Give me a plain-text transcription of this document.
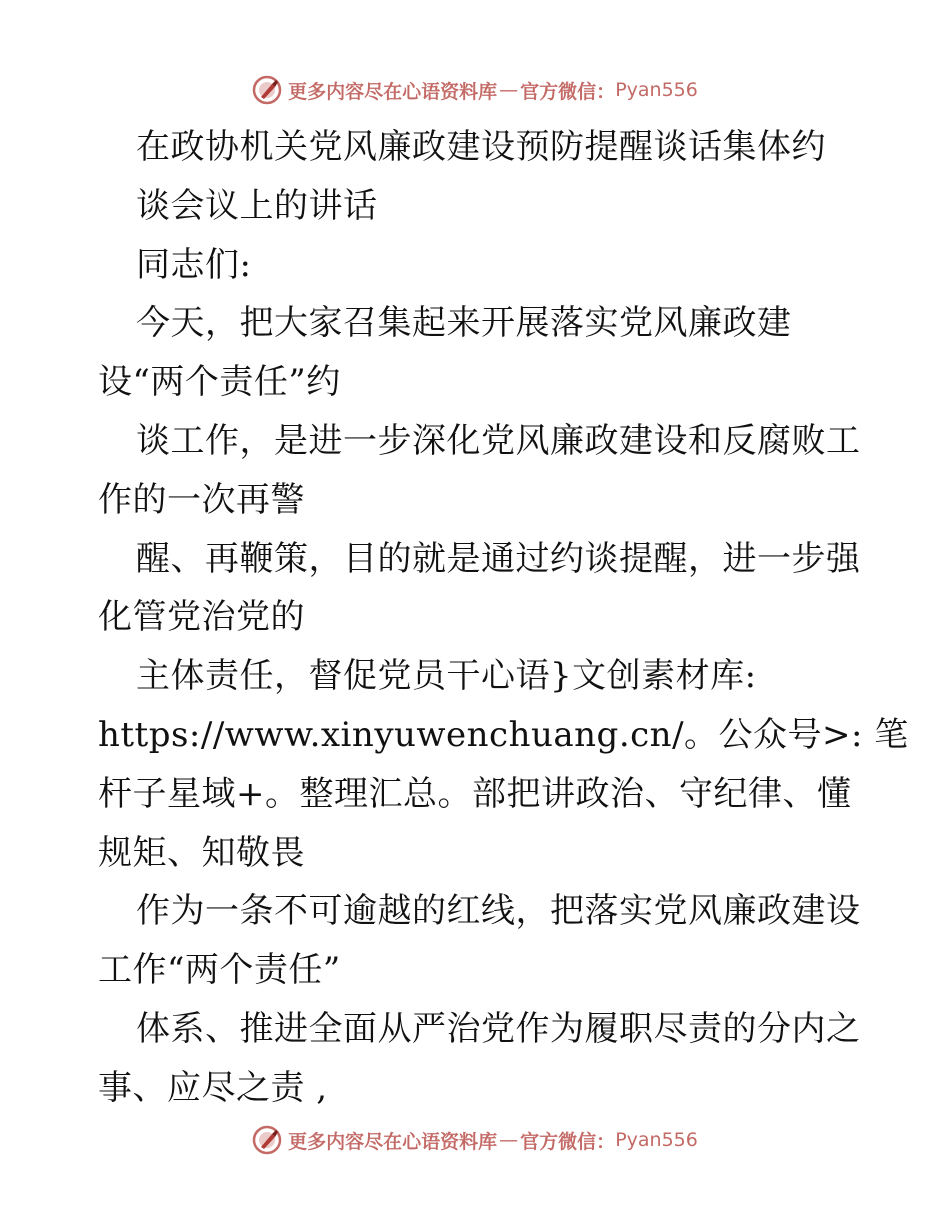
更多内容尽在心语资料库 — 官方微信： Pyan556
在政协机关党风廉政建设预防提醒谈话集体约
谈会议上的讲话
同志们:
今天，把大家召集起来开展落实党风廉政建
设“两个责任”约
谈工作，是进一步深化党风廉政建设和反腐败工
作的一次再警
醒、再鞭策，目的就是通过约谈提醒，进一步强
化管党治党的
主体责任，督促党员干心语}文创素材库:
https://www.xinyuwenchuang.cn/。公众号>: 笔
杆子星域+。整理汇总。部把讲政治、守纪律、懂
规矩、知敬畏
作为一条不可逾越的红线，把落实党风廉政建设
工作“两个责任”
体系、推进全面从严治党作为履职尽责的分内之
事、应尽之责 ,
更多内容尽在心语资料库 — 官方微信： Pyan556
